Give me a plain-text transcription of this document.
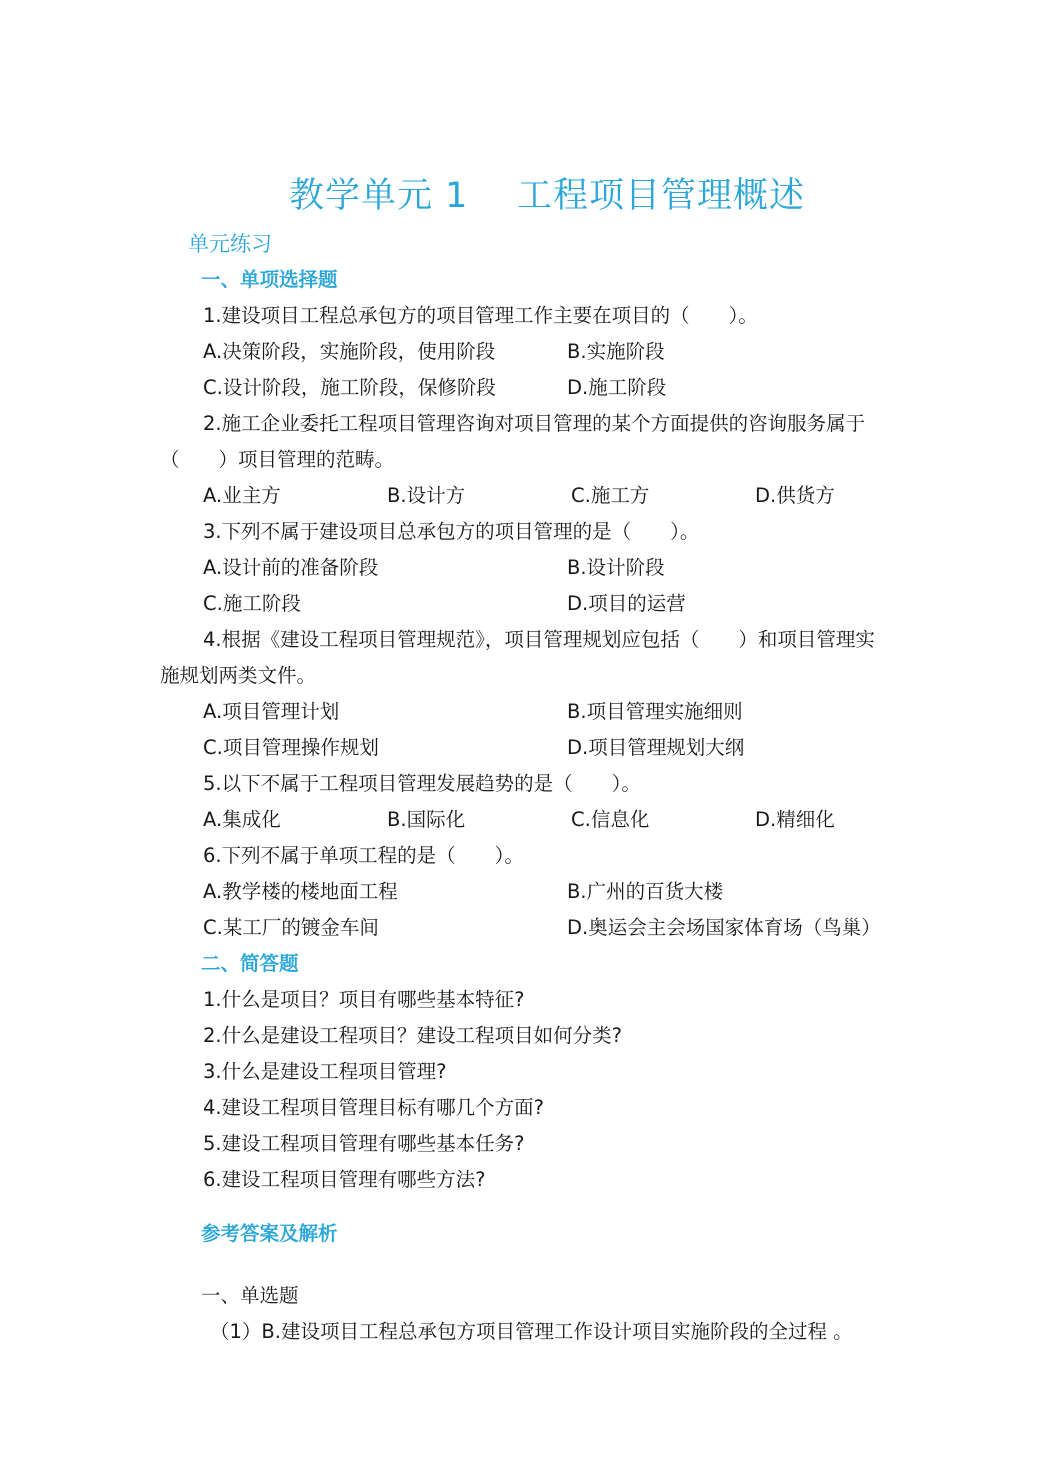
教学单元 1    工程项目管理概述
单元练习
一、单项选择题
1.建设项目工程总承包方的项目管理工作主要在项目的（　　）。
A.决策阶段，实施阶段，使用阶段	B.实施阶段
C.设计阶段，施工阶段，保修阶段	D.施工阶段
2.施工企业委托工程项目管理咨询对项目管理的某个方面提供的咨询服务属于
（　　）项目管理的范畴。
A.业主方	B.设计方	C.施工方	D.供货方
3.下列不属于建设项目总承包方的项目管理的是（　　）。
A.设计前的准备阶段	B.设计阶段
C.施工阶段	D.项目的运营
4.根据《建设工程项目管理规范》，项目管理规划应包括（　　）和项目管理实
施规划两类文件。
A.项目管理计划	B.项目管理实施细则
C.项目管理操作规划	D.项目管理规划大纲
5.以下不属于工程项目管理发展趋势的是（　　）。
A.集成化	B.国际化	C.信息化	D.精细化
6.下列不属于单项工程的是（　　）。
A.教学楼的楼地面工程	B.广州的百货大楼
C.某工厂的镀金车间	D.奥运会主会场国家体育场（鸟巢）
二、简答题
1.什么是项目？项目有哪些基本特征?
2.什么是建设工程项目？建设工程项目如何分类?
3.什么是建设工程项目管理?
4.建设工程项目管理目标有哪几个方面?
5.建设工程项目管理有哪些基本任务?
6.建设工程项目管理有哪些方法?
参考答案及解析
一、单选题
（1）B.建设项目工程总承包方项目管理工作设计项目实施阶段的全过程 。
